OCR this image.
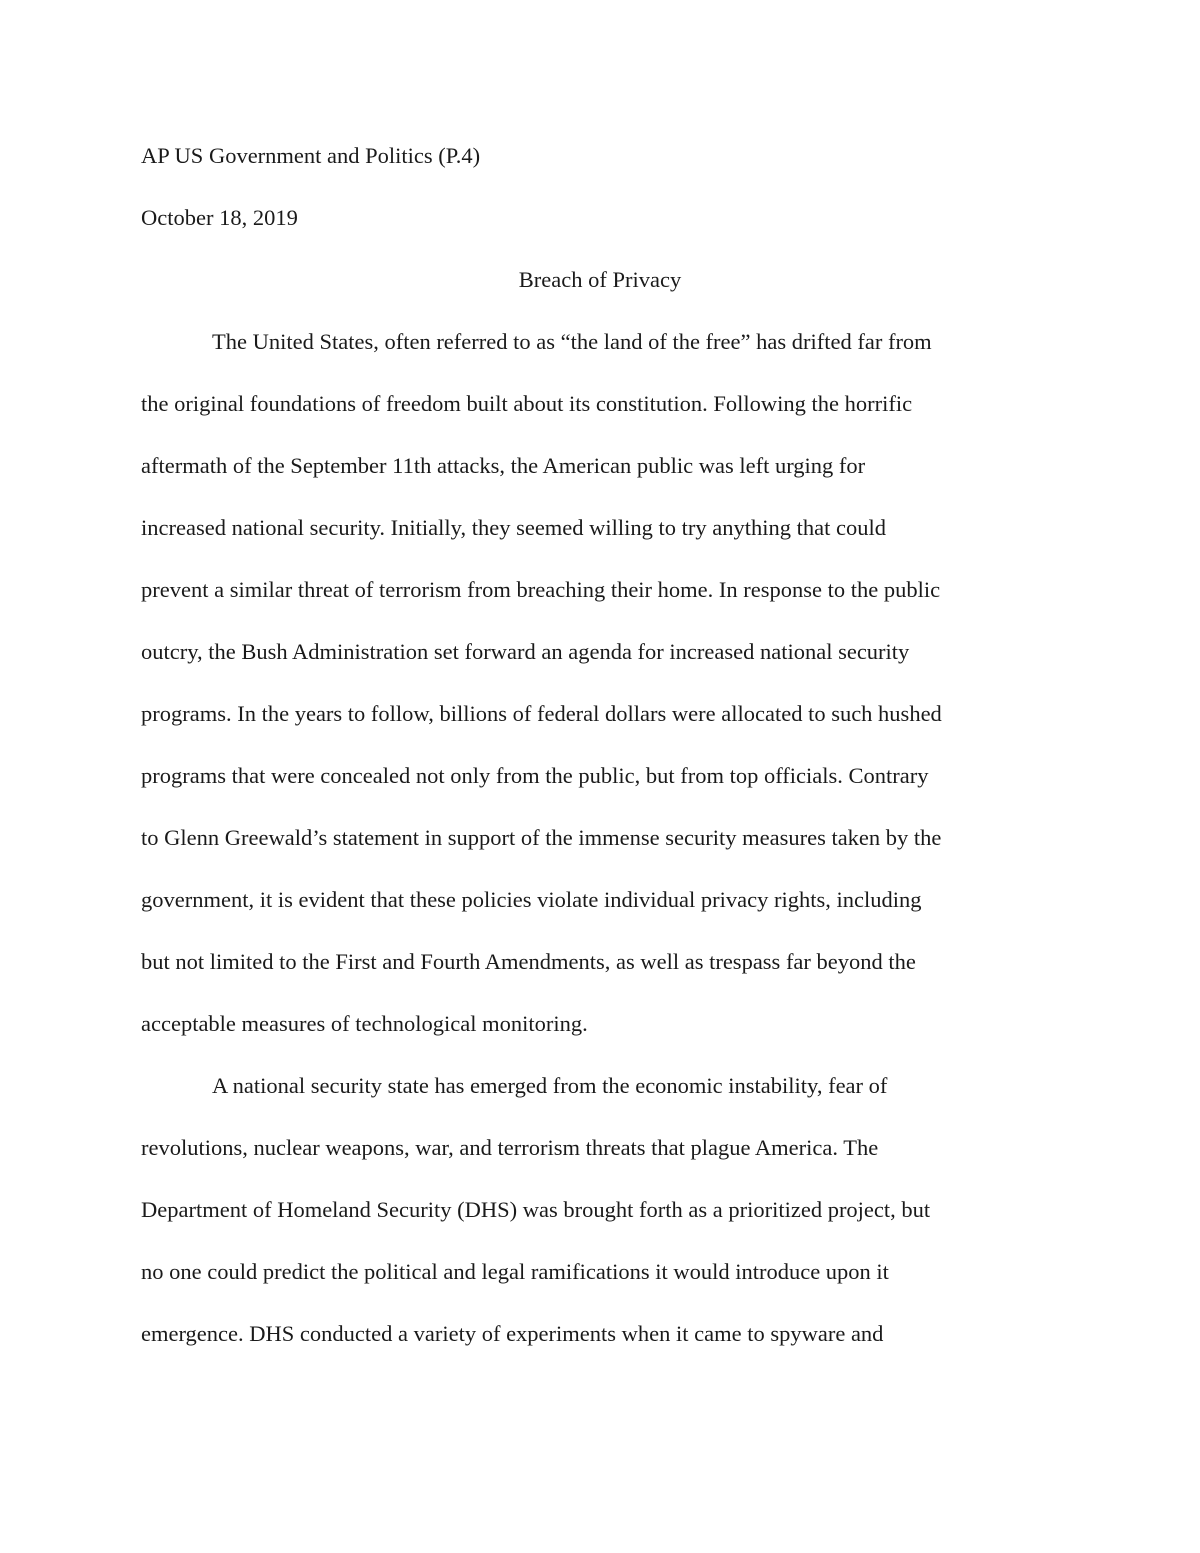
AP US Government and Politics (P.4)

October 18, 2019

Breach of Privacy

The United States, often referred to as “the land of the free” has drifted far from

the original foundations of freedom built about its constitution. Following the horrific

aftermath of the September 11th attacks, the American public was left urging for

increased national security. Initially, they seemed willing to try anything that could

prevent a similar threat of terrorism from breaching their home. In response to the public

outcry, the Bush Administration set forward an agenda for increased national security

programs. In the years to follow, billions of federal dollars were allocated to such hushed

programs that were concealed not only from the public, but from top officials. Contrary

to Glenn Greewald’s statement in support of the immense security measures taken by the

government, it is evident that these policies violate individual privacy rights, including

but not limited to the First and Fourth Amendments, as well as trespass far beyond the

acceptable measures of technological monitoring.

A national security state has emerged from the economic instability, fear of

revolutions, nuclear weapons, war, and terrorism threats that plague America. The

Department of Homeland Security (DHS) was brought forth as a prioritized project, but

no one could predict the political and legal ramifications it would introduce upon it

emergence. DHS conducted a variety of experiments when it came to spyware and
